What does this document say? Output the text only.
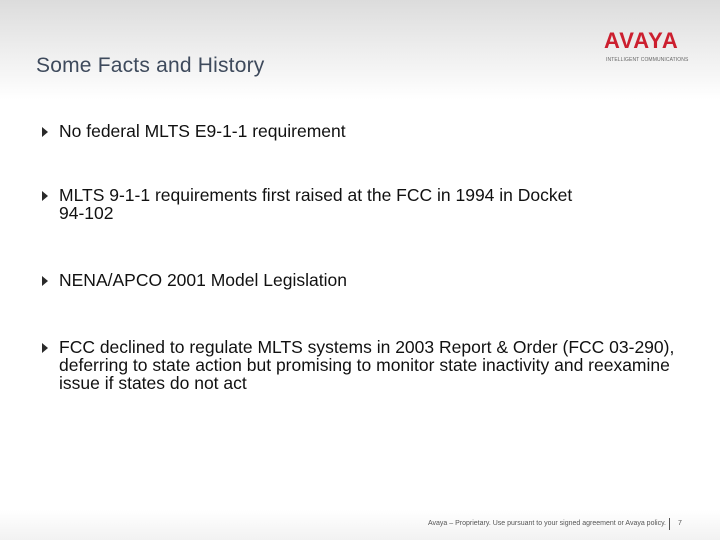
Some Facts and History
AVAYA
INTELLIGENT COMMUNICATIONS
No federal MLTS E9-1-1 requirement
MLTS 9-1-1 requirements first raised at the FCC in 1994 in Docket 94-102
NENA/APCO 2001 Model Legislation
FCC declined to regulate MLTS systems in 2003 Report & Order (FCC 03-290), deferring to state action but promising to monitor state inactivity and reexamine issue if states do not act
Avaya – Proprietary. Use pursuant to your signed agreement or Avaya policy. 7
